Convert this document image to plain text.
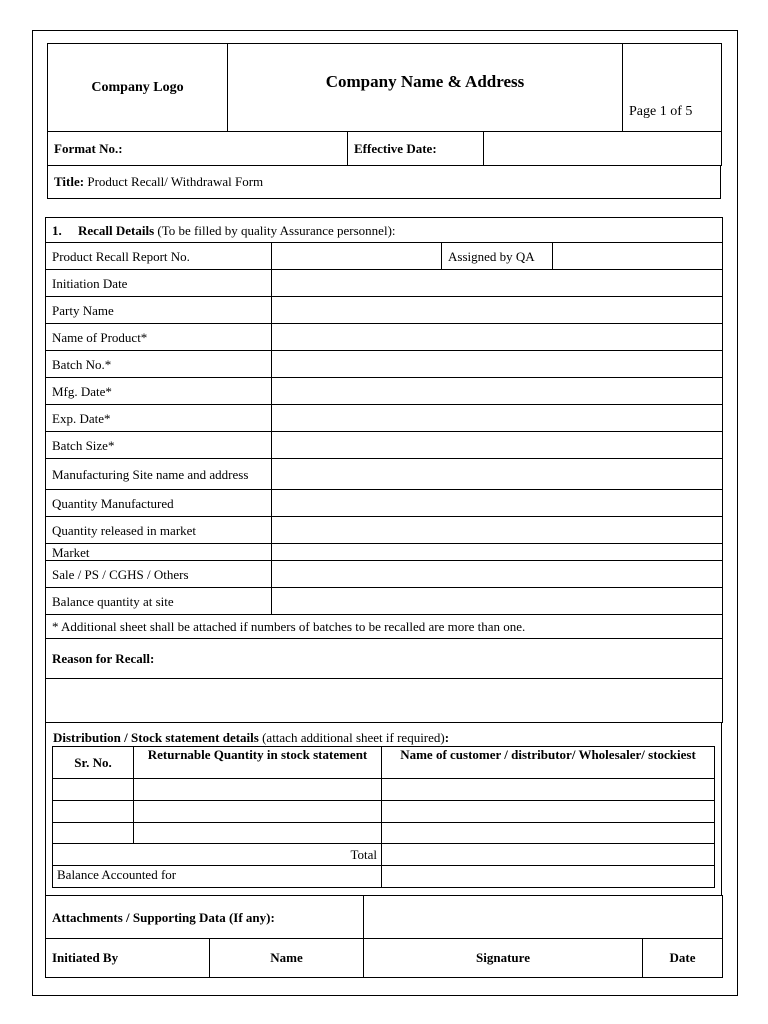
Company Logo	Company Name & Address	Page 1 of 5
Format No.:	Effective Date:	
Title: Product Recall/ Withdrawal Form
1. Recall Details (To be filled by quality Assurance personnel):			
Product Recall Report No.		Assigned by QA	
Initiation Date			
Party Name			
Name of Product*			
Batch No.*			
Mfg. Date*			
Exp. Date*			
Batch Size*			
Manufacturing Site name and address			
Quantity Manufactured			
Quantity released in market			
Market			
Sale / PS / CGHS / Others			
Balance quantity at site			
* Additional sheet shall be attached if numbers of batches to be recalled are more than one.			
Reason for Recall:			

Distribution / Stock statement details (attach additional sheet if required):
Sr. No.	Returnable Quantity in stock statement	Name of customer / distributor/ Wholesaler/ stockiest

Total		
Balance Accounted for		
Attachments / Supporting Data (If any):	
Initiated By	Name	Signature	Date
